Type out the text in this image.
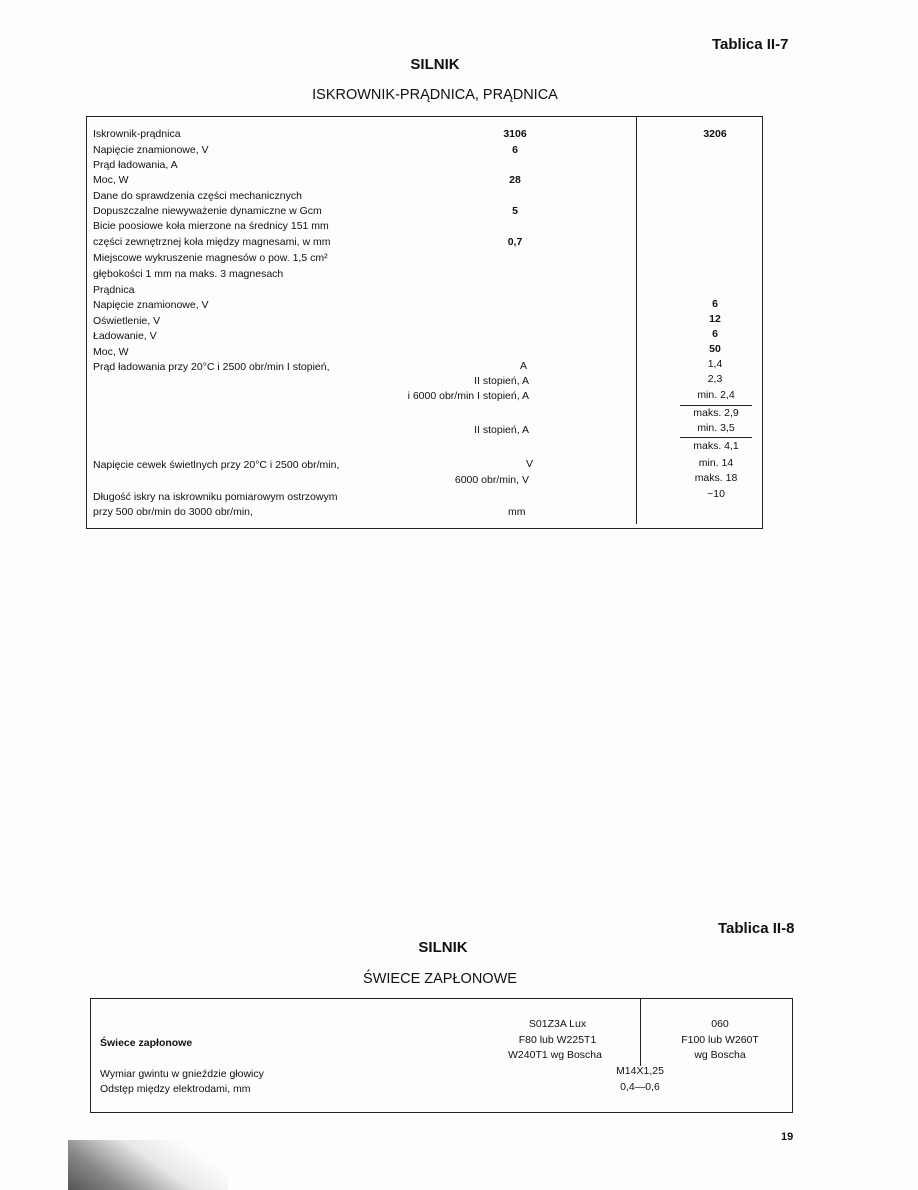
Tablica II-7
SILNIK
ISKROWNIK-PRĄDNICA, PRĄDNICA
Iskrownik-prądnica
Napięcie znamionowe, V
Prąd ładowania, A
Moc, W
Dane do sprawdzenia części mechanicznych
Dopuszczalne niewyważenie dynamiczne w Gcm
Bicie poosiowe koła mierzone na średnicy 151 mm
części zewnętrznej koła między magnesami, w mm
Miejscowe wykruszenie magnesów o pow. 1,5 cm²
głębokości 1 mm na maks. 3 magnesach
Prądnica
Napięcie znamionowe, V
Oświetlenie, V
Ładowanie, V
Moc, W
Prąd ładowania przy 20°C i 2500 obr/min I stopień,
Napięcie cewek świetlnych przy 20°C i 2500 obr/min,
Długość iskry na iskrowniku pomiarowym ostrzowym
przy 500 obr/min do 3000 obr/min,
II stopień, A
i 6000 obr/min I stopień, A
II stopień, A
6000 obr/min, V
A
V
mm
3106
6
28
5
0,7
3206
6
12
6
50
1,4
2,3
min. 2,4
maks. 2,9
min. 3,5
maks. 4,1
min. 14
maks. 18
~10
Tablica II-8
SILNIK
ŚWIECE ZAPŁONOWE
Świece zapłonowe
Wymiar gwintu w gnieździe głowicy
Odstęp między elektrodami, mm
S01Z3A Lux
F80 lub W225T1
W240T1 wg Boscha
060
F100 lub W260T
wg Boscha
M14X1,25
0,4—0,6
19
